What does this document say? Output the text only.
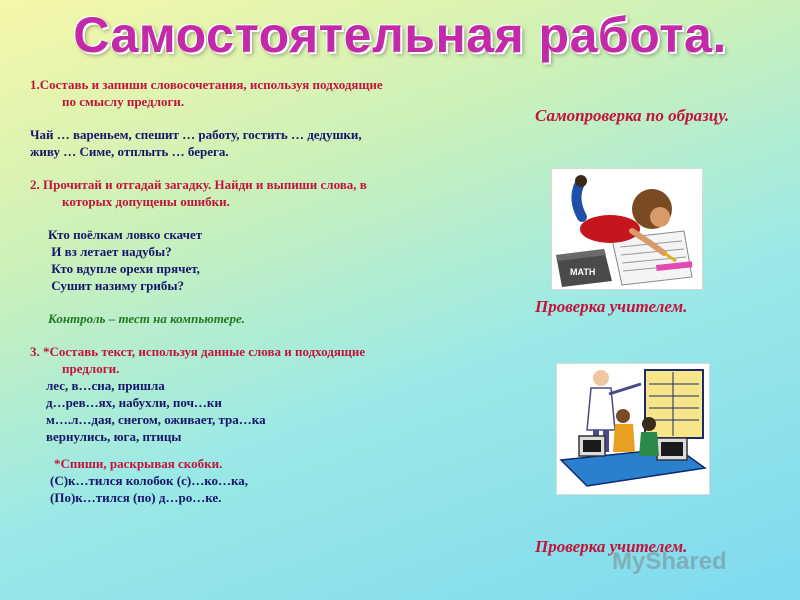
Самостоятельная работа.

1.Составь и запиши словосочетания, используя подходящие

по смыслу предлоги.

Чай … вареньем, спешит … работу, гостить … дедушки,

живу … Симе, отплыть … берега.

2. Прочитай и отгадай загадку. Найди и выпиши слова, в

которых допущены ошибки.

Кто поёлкам ловко скачет

И вз летает надубы?

Кто вдупле орехи прячет,

Сушит назиму грибы?

Контроль – тест на компьютере.

3. *Составь текст, используя данные слова и подходящие

предлоги.

лес, в…сна, пришла

д…рев…ях, набухли, поч…ки

м….л…дая, снегом, оживает, тра…ка

вернулись, юга, птицы

*Спиши, раскрывая скобки.

(С)к…тился колобок (с)…ко…ка,

(По)к…тился (по) д…ро…ке.

Самопроверка по образцу.
MATH
Проверка учителем.
Проверка учителем.
MyShared
